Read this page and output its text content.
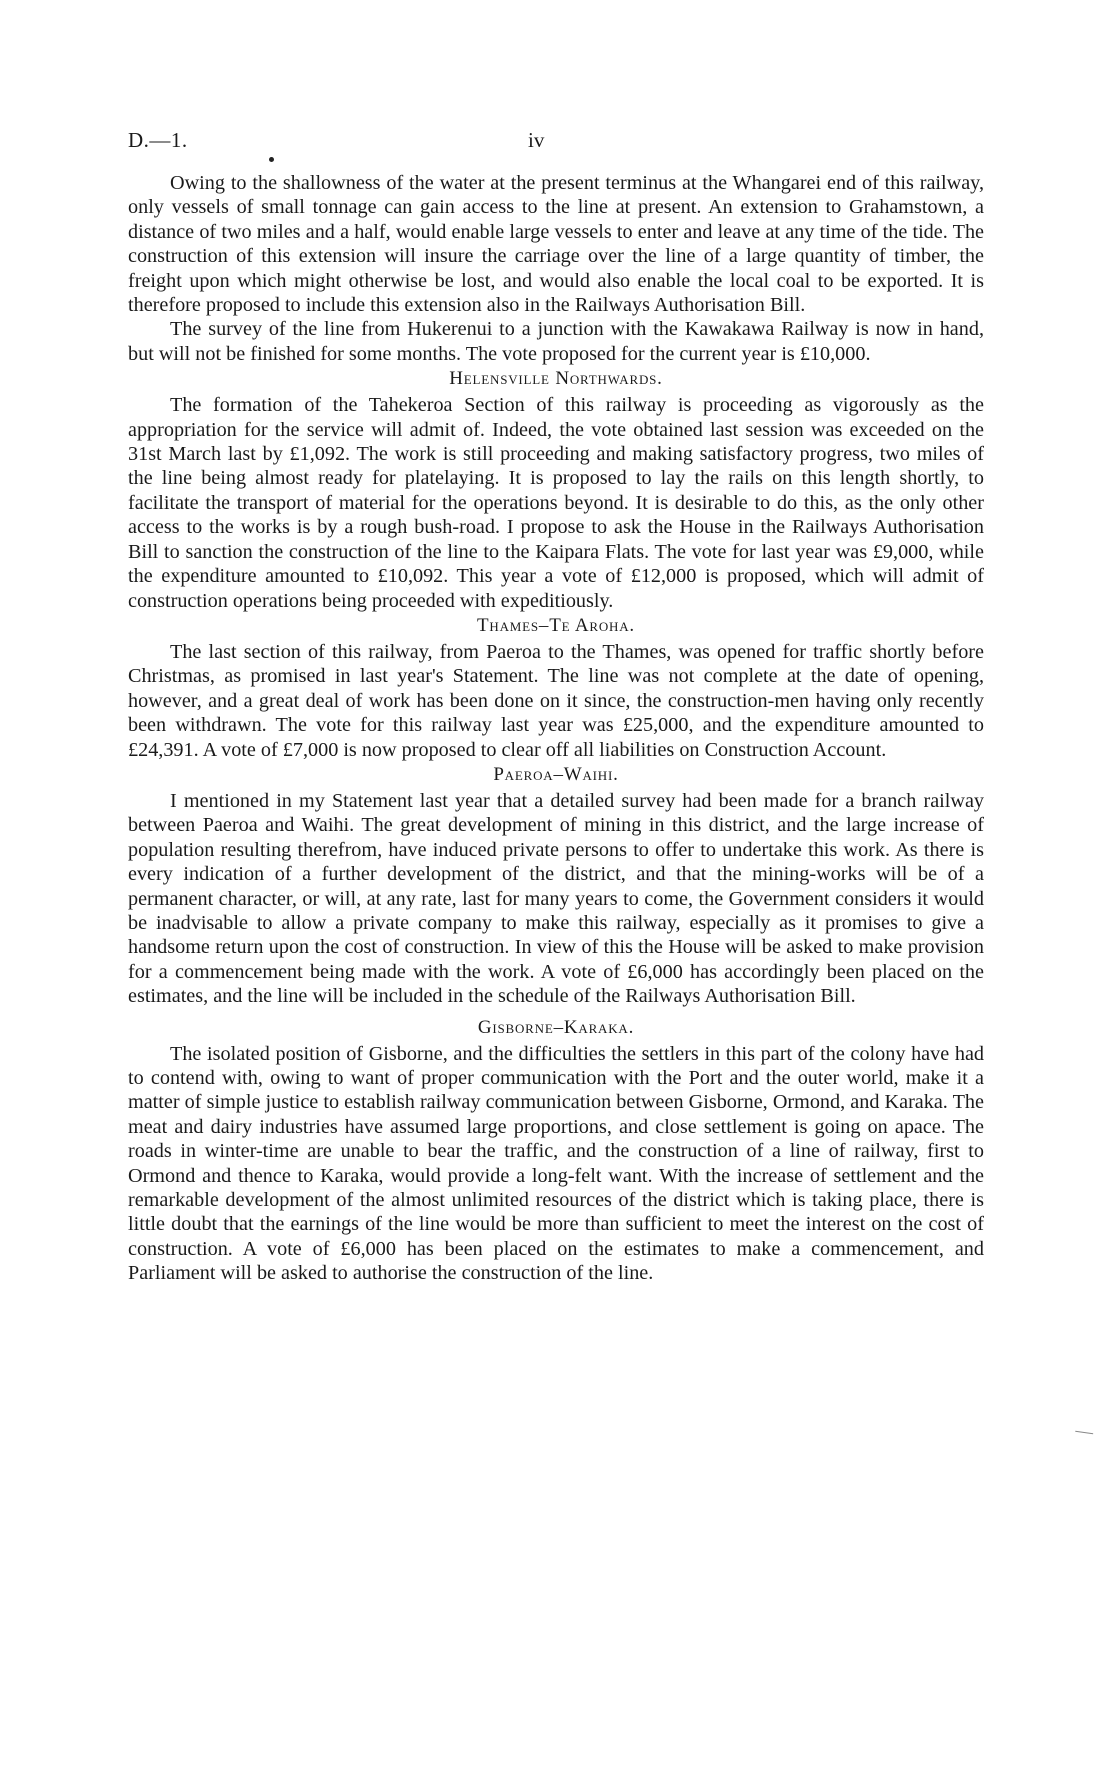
D.—1.	iv

Owing to the shallowness of the water at the present terminus at the Whangarei end of this railway, only vessels of small tonnage can gain access to the line at present. An extension to Grahamstown, a distance of two miles and a half, would enable large vessels to enter and leave at any time of the tide. The construction of this extension will insure the carriage over the line of a large quantity of timber, the freight upon which might otherwise be lost, and would also enable the local coal to be exported. It is therefore proposed to include this extension also in the Railways Authorisation Bill.

The survey of the line from Hukerenui to a junction with the Kawakawa Railway is now in hand, but will not be finished for some months. The vote proposed for the current year is £10,000.

Helensville Northwards.

The formation of the Tahekeroa Section of this railway is proceeding as vigorously as the appropriation for the service will admit of. Indeed, the vote obtained last session was exceeded on the 31st March last by £1,092. The work is still proceeding and making satisfactory progress, two miles of the line being almost ready for platelaying. It is proposed to lay the rails on this length shortly, to facilitate the transport of material for the operations beyond. It is desirable to do this, as the only other access to the works is by a rough bush-road. I propose to ask the House in the Railways Authorisation Bill to sanction the construction of the line to the Kaipara Flats. The vote for last year was £9,000, while the expenditure amounted to £10,092. This year a vote of £12,000 is proposed, which will admit of construction operations being proceeded with expeditiously.

Thames–Te Aroha.

The last section of this railway, from Paeroa to the Thames, was opened for traffic shortly before Christmas, as promised in last year's Statement. The line was not complete at the date of opening, however, and a great deal of work has been done on it since, the construction-men having only recently been withdrawn. The vote for this railway last year was £25,000, and the expenditure amounted to £24,391. A vote of £7,000 is now proposed to clear off all liabilities on Construction Account.

Paeroa–Waihi.

I mentioned in my Statement last year that a detailed survey had been made for a branch railway between Paeroa and Waihi. The great development of mining in this district, and the large increase of population resulting therefrom, have induced private persons to offer to undertake this work. As there is every indication of a further development of the district, and that the mining-works will be of a permanent character, or will, at any rate, last for many years to come, the Government considers it would be inadvisable to allow a private company to make this railway, especially as it promises to give a handsome return upon the cost of construction. In view of this the House will be asked to make provision for a commencement being made with the work. A vote of £6,000 has accordingly been placed on the estimates, and the line will be included in the schedule of the Railways Authorisation Bill.

Gisborne–Karaka.

The isolated position of Gisborne, and the difficulties the settlers in this part of the colony have had to contend with, owing to want of proper communication with the Port and the outer world, make it a matter of simple justice to establish railway communication between Gisborne, Ormond, and Karaka. The meat and dairy industries have assumed large proportions, and close settlement is going on apace. The roads in winter-time are unable to bear the traffic, and the construction of a line of railway, first to Ormond and thence to Karaka, would provide a long-felt want. With the increase of settlement and the remarkable development of the almost unlimited resources of the district which is taking place, there is little doubt that the earnings of the line would be more than sufficient to meet the interest on the cost of construction. A vote of £6,000 has been placed on the estimates to make a commencement, and Parliament will be asked to authorise the construction of the line.
